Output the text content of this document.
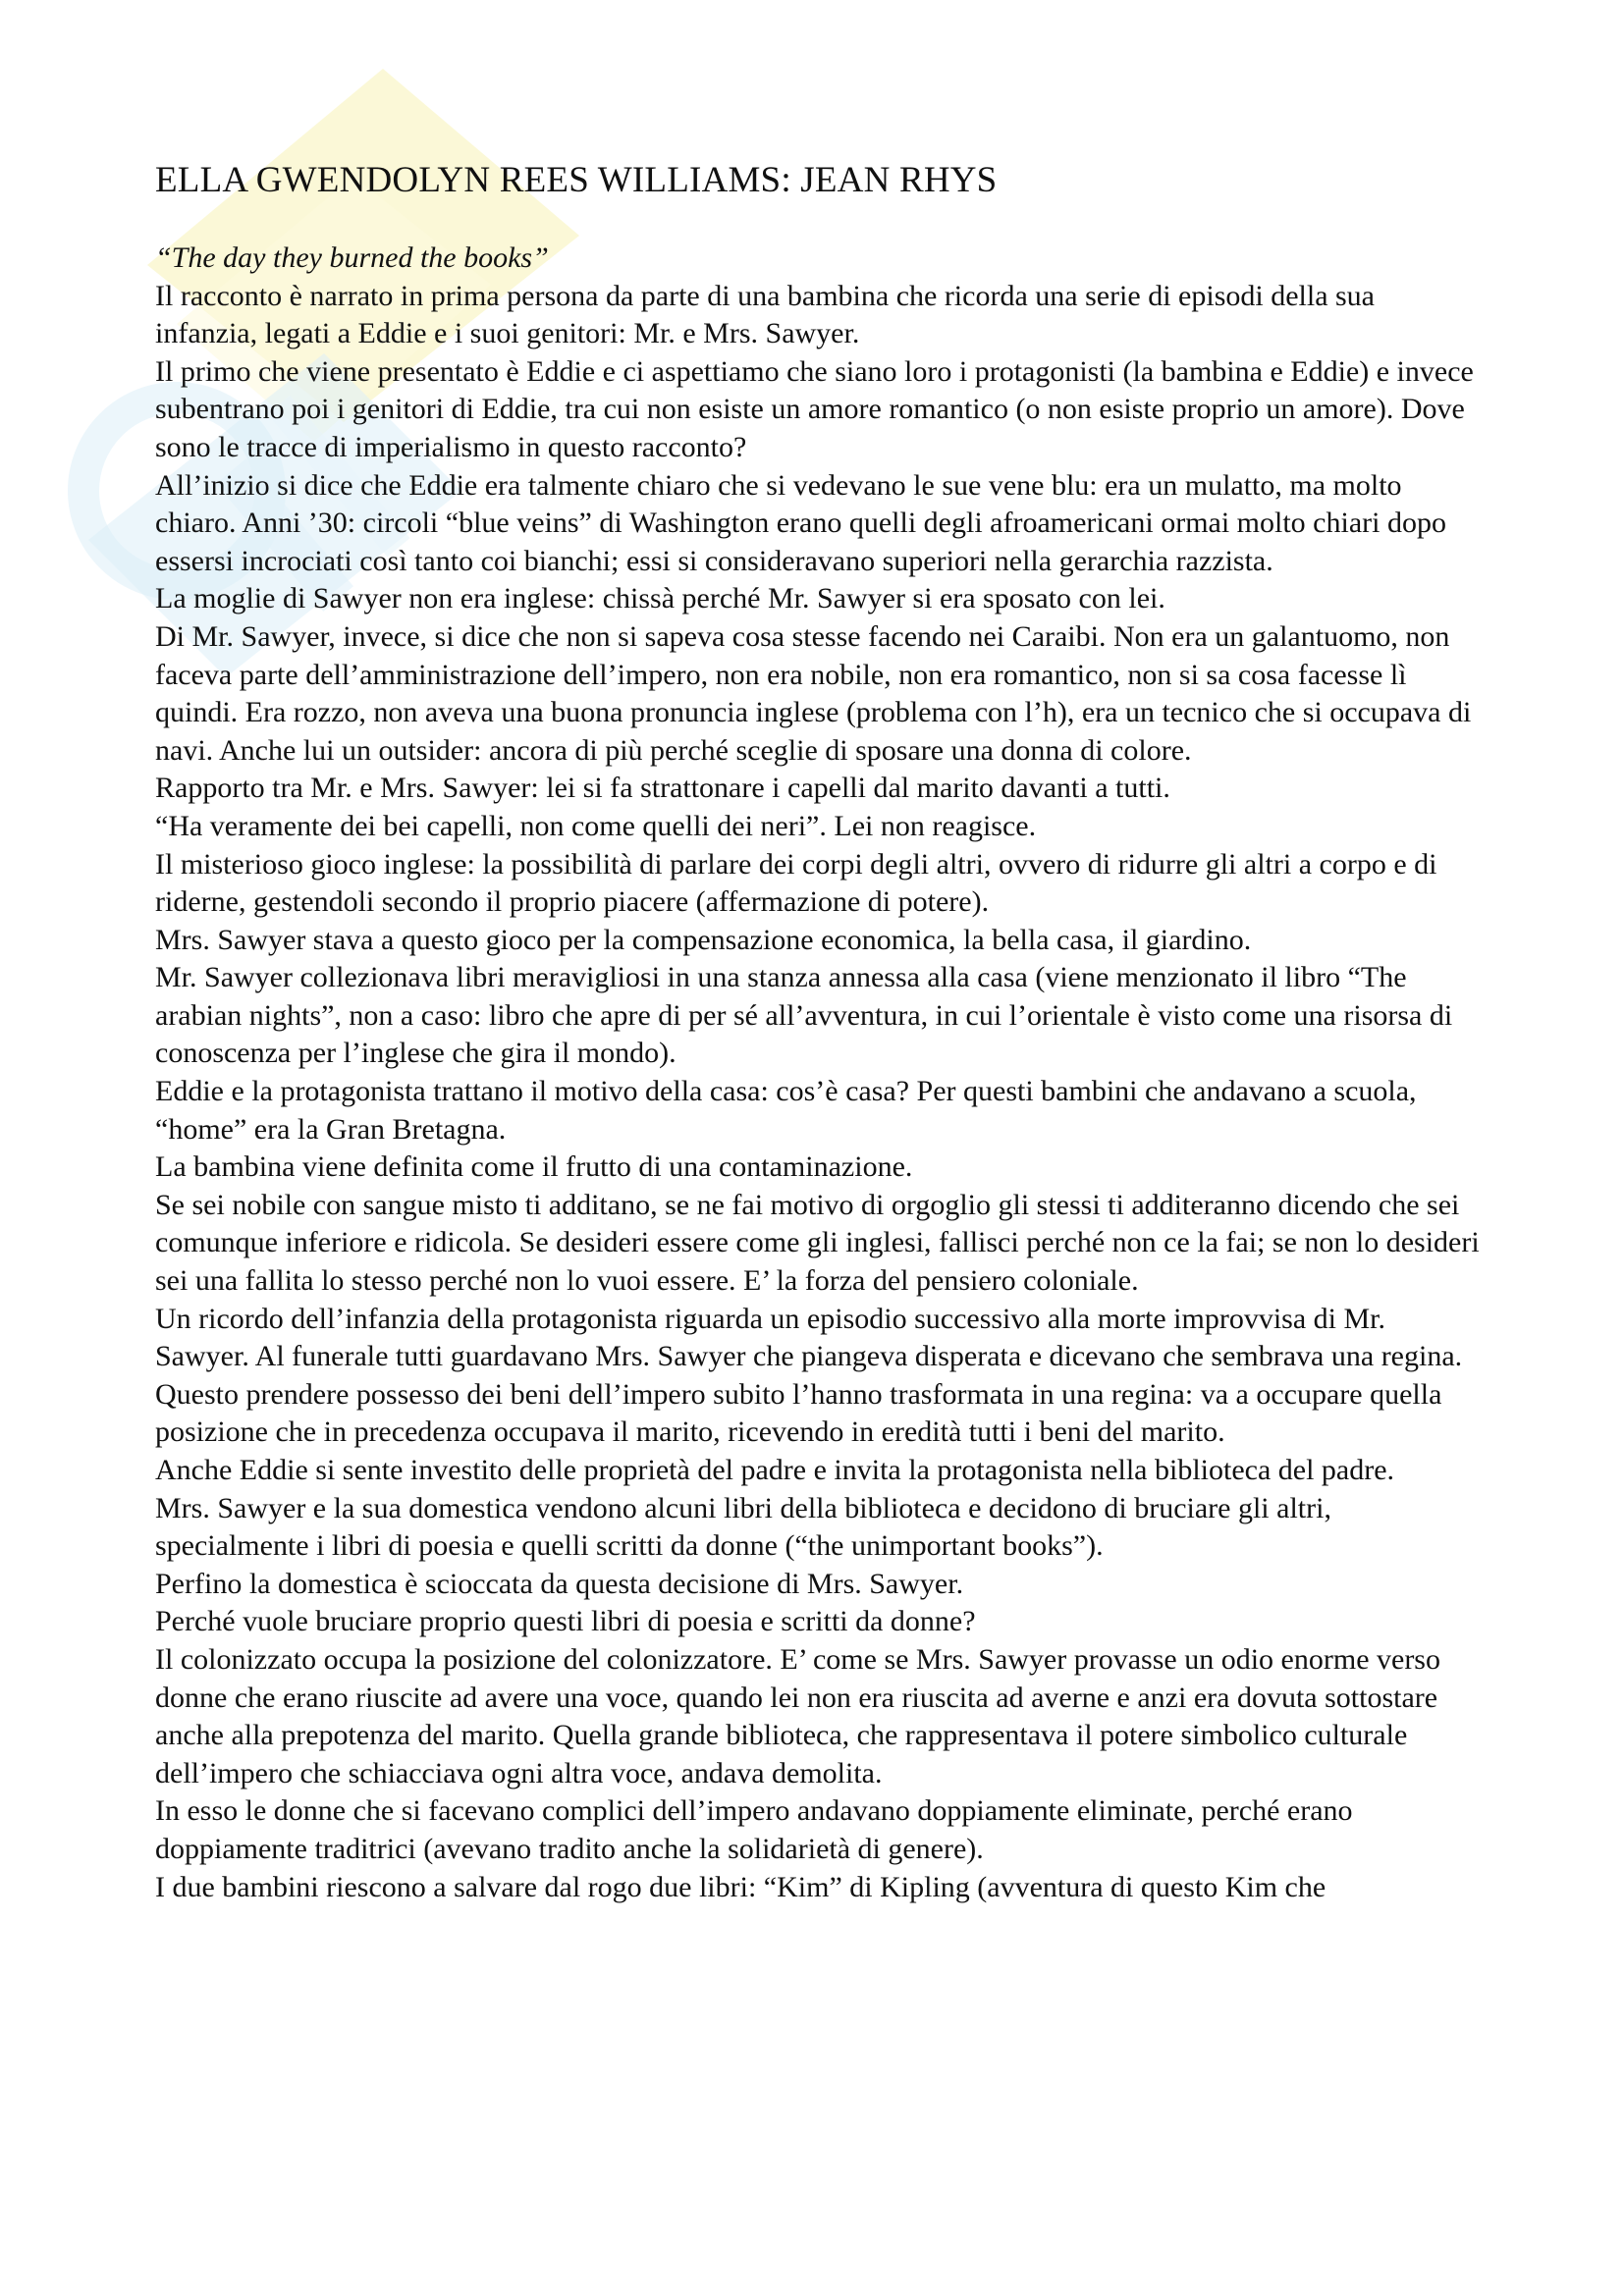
ELLA GWENDOLYN REES WILLIAMS: JEAN RHYS

“The day they burned the books”

Il racconto è narrato in prima persona da parte di una bambina che ricorda una serie di episodi della sua infanzia, legati a Eddie e i suoi genitori: Mr. e Mrs. Sawyer.

Il primo che viene presentato è Eddie e ci aspettiamo che siano loro i protagonisti (la bambina e Eddie) e invece subentrano poi i genitori di Eddie, tra cui non esiste un amore romantico (o non esiste proprio un amore). Dove sono le tracce di imperialismo in questo racconto?

All’inizio si dice che Eddie era talmente chiaro che si vedevano le sue vene blu: era un mulatto, ma molto chiaro. Anni ’30: circoli “blue veins” di Washington erano quelli degli afroamericani ormai molto chiari dopo essersi incrociati così tanto coi bianchi; essi si consideravano superiori nella gerarchia razzista.

La moglie di Sawyer non era inglese: chissà perché Mr. Sawyer si era sposato con lei.

Di Mr. Sawyer, invece, si dice che non si sapeva cosa stesse facendo nei Caraibi. Non era un galantuomo, non faceva parte dell’amministrazione dell’impero, non era nobile, non era romantico, non si sa cosa facesse lì quindi. Era rozzo, non aveva una buona pronuncia inglese (problema con l’h), era un tecnico che si occupava di navi. Anche lui un outsider: ancora di più perché sceglie di sposare una donna di colore.

Rapporto tra Mr. e Mrs. Sawyer: lei si fa strattonare i capelli dal marito davanti a tutti.

“Ha veramente dei bei capelli, non come quelli dei neri”. Lei non reagisce.

Il misterioso gioco inglese: la possibilità di parlare dei corpi degli altri, ovvero di ridurre gli altri a corpo e di riderne, gestendoli secondo il proprio piacere (affermazione di potere).

Mrs. Sawyer stava a questo gioco per la compensazione economica, la bella casa, il giardino.

Mr. Sawyer collezionava libri meravigliosi in una stanza annessa alla casa (viene menzionato il libro “The arabian nights”, non a caso: libro che apre di per sé all’avventura, in cui l’orientale è visto come una risorsa di conoscenza per l’inglese che gira il mondo).

Eddie e la protagonista trattano il motivo della casa: cos’è casa? Per questi bambini che andavano a scuola, “home” era la Gran Bretagna.

La bambina viene definita come il frutto di una contaminazione.

Se sei nobile con sangue misto ti additano, se ne fai motivo di orgoglio gli stessi ti additeranno dicendo che sei comunque inferiore e ridicola. Se desideri essere come gli inglesi, fallisci perché non ce la fai; se non lo desideri sei una fallita lo stesso perché non lo vuoi essere. E’ la forza del pensiero coloniale.

Un ricordo dell’infanzia della protagonista riguarda un episodio successivo alla morte improvvisa di Mr. Sawyer. Al funerale tutti guardavano Mrs. Sawyer che piangeva disperata e dicevano che sembrava una regina. Questo prendere possesso dei beni dell’impero subito l’hanno trasformata in una regina: va a occupare quella posizione che in precedenza occupava il marito, ricevendo in eredità tutti i beni del marito.

Anche Eddie si sente investito delle proprietà del padre e invita la protagonista nella biblioteca del padre.

Mrs. Sawyer e la sua domestica vendono alcuni libri della biblioteca e decidono di bruciare gli altri, specialmente i libri di poesia e quelli scritti da donne (“the unimportant books”).

Perfino la domestica è scioccata da questa decisione di Mrs. Sawyer.

Perché vuole bruciare proprio questi libri di poesia e scritti da donne?

Il colonizzato occupa la posizione del colonizzatore. E’ come se Mrs. Sawyer provasse un odio enorme verso donne che erano riuscite ad avere una voce, quando lei non era riuscita ad averne e anzi era dovuta sottostare anche alla prepotenza del marito. Quella grande biblioteca, che rappresentava il potere simbolico culturale dell’impero che schiacciava ogni altra voce, andava demolita.

In esso le donne che si facevano complici dell’impero andavano doppiamente eliminate, perché erano doppiamente traditrici (avevano tradito anche la solidarietà di genere).

I due bambini riescono a salvare dal rogo due libri: “Kim” di Kipling (avventura di questo Kim che
